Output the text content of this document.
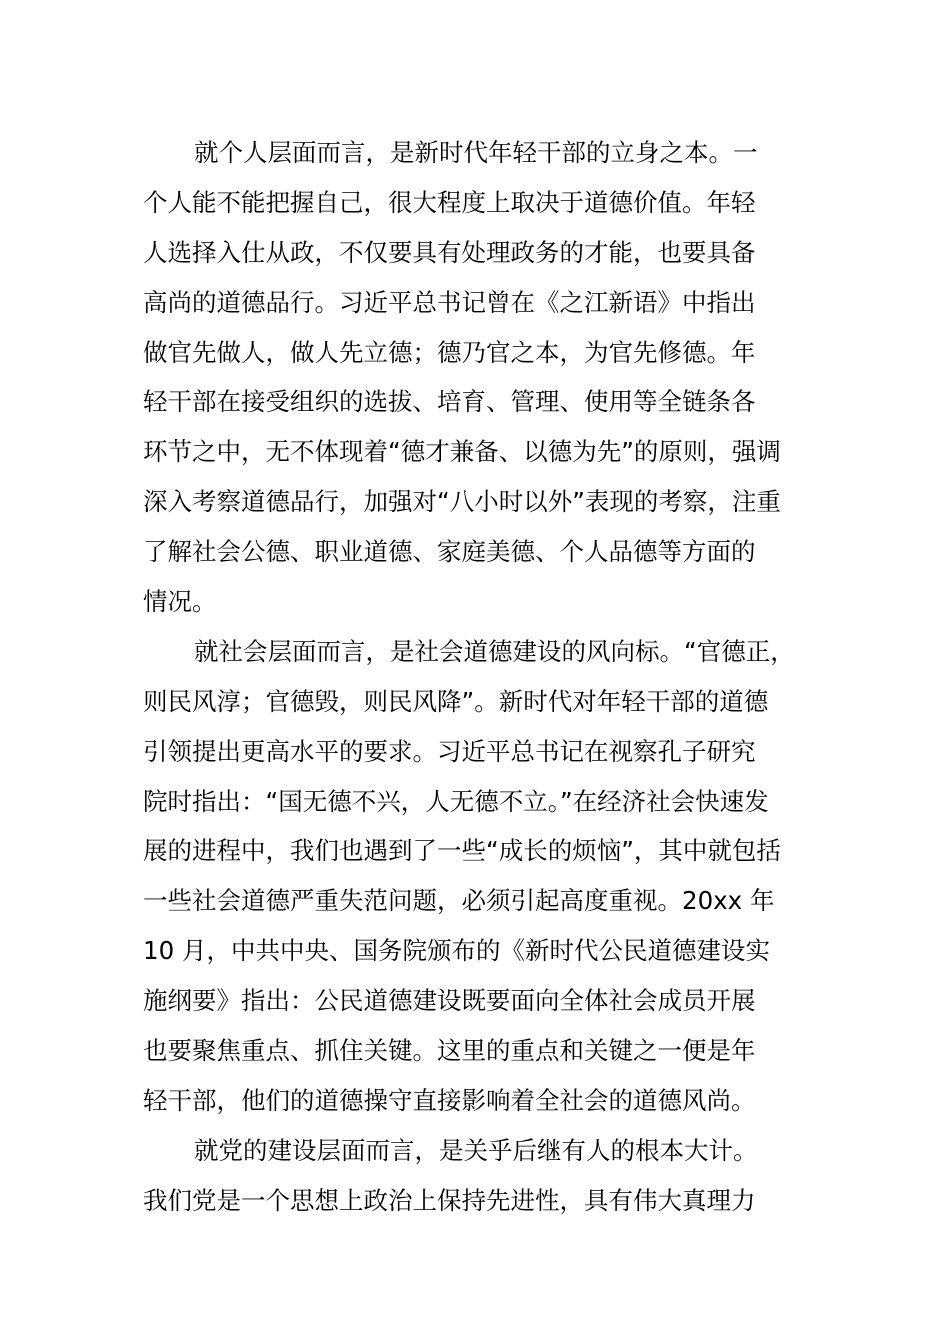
就个人层面而言，是新时代年轻干部的立身之本。一
个人能不能把握自己，很大程度上取决于道德价值。年轻
人选择入仕从政，不仅要具有处理政务的才能，也要具备
高尚的道德品行。习近平总书记曾在《之江新语》中指出
做官先做人，做人先立德；德乃官之本，为官先修德。年
轻干部在接受组织的选拔、培育、管理、使用等全链条各
环节之中，无不体现着“德才兼备、以德为先”的原则，强调
深入考察道德品行，加强对“八小时以外”表现的考察，注重
了解社会公德、职业道德、家庭美德、个人品德等方面的
情况。
就社会层面而言，是社会道德建设的风向标。“官德正，
则民风淳；官德毁，则民风降”。新时代对年轻干部的道德
引领提出更高水平的要求。习近平总书记在视察孔子研究
院时指出：“国无德不兴，人无德不立。”在经济社会快速发
展的进程中，我们也遇到了一些“成长的烦恼”，其中就包括
一些社会道德严重失范问题，必须引起高度重视。20xx 年
10 月，中共中央、国务院颁布的《新时代公民道德建设实
施纲要》指出：公民道德建设既要面向全体社会成员开展
也要聚焦重点、抓住关键。这里的重点和关键之一便是年
轻干部，他们的道德操守直接影响着全社会的道德风尚。
就党的建设层面而言，是关乎后继有人的根本大计。
我们党是一个思想上政治上保持先进性，具有伟大真理力
